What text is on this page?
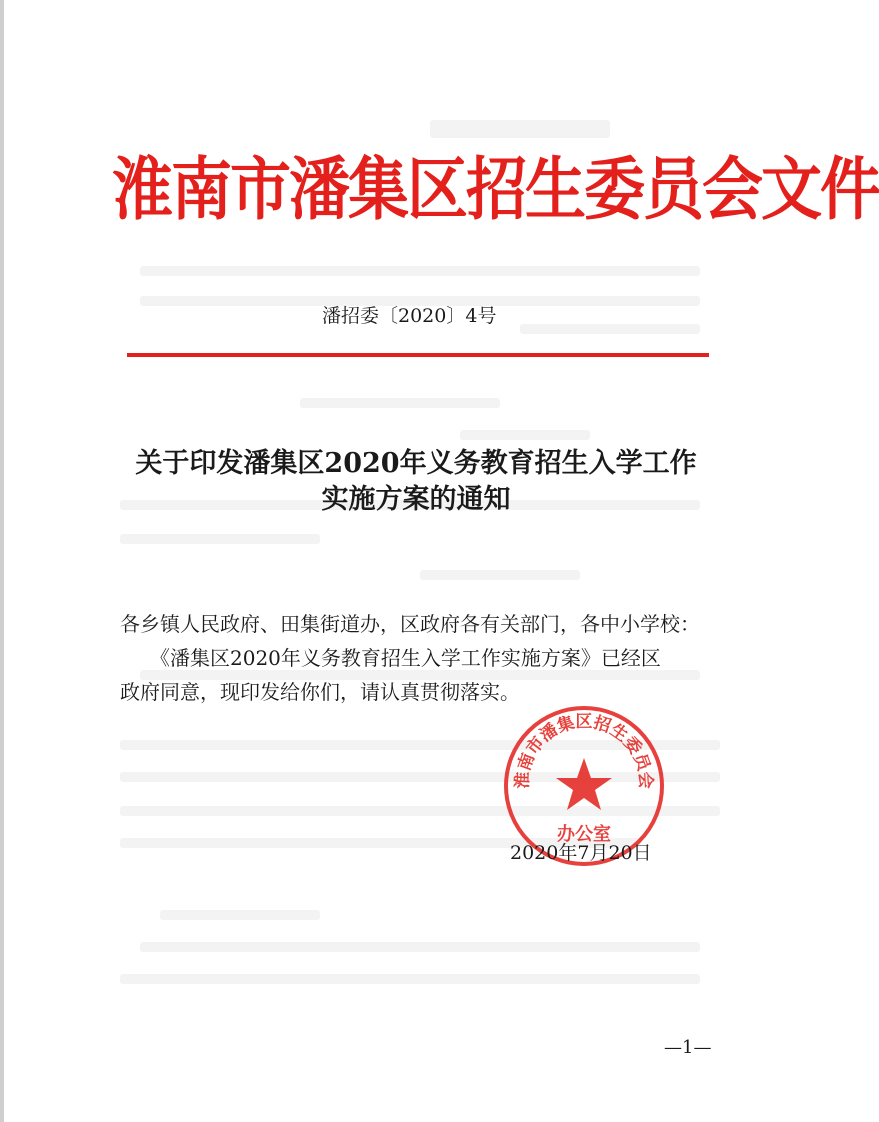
淮南市潘集区招生委员会文件
潘招委〔2020〕4号
关于印发潘集区2020年义务教育招生入学工作
实施方案的通知
各乡镇人民政府、田集街道办，区政府各有关部门，各中小学校：
《潘集区2020年义务教育招生入学工作实施方案》已经区
政府同意，现印发给你们，请认真贯彻落实。
淮南市潘集区招生委员会
办公室
2020年7月20日
—1—
